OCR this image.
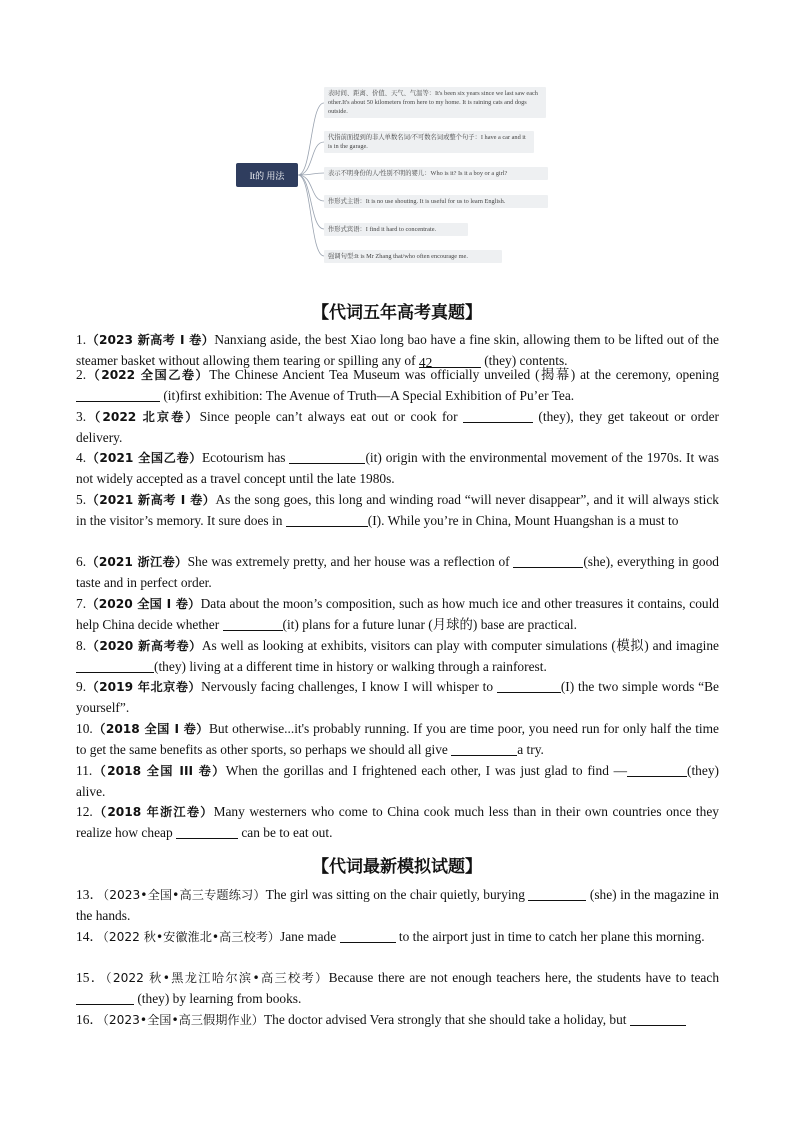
It的 用法
表时间、距离、价值、天气、气温等：It's been six years since we last saw each other.It's about 50 kilometers from here to my home. It is raining cats and dogs outside.
代指前面提到的非人单数名词/不可数名词或整个句子：I have a car and it is in the garage.
表示不明身份的人/性别不明的婴儿：Who is it? Is it a boy or a girl?
作形式主语：It is no use shouting. It is useful for us to learn English.
作形式宾语：I find it hard to concentrate.
强调句型:It is Mr Zhang that/who often encourage me.
【代词五年高考真题】
1.（2023 新高考 I 卷）Nanxiang aside, the best Xiao long bao have a fine skin, allowing them to be lifted out of the steamer basket without allowing them tearing or spilling any of 42	(they) contents.
2.（2022 全国乙卷）The Chinese Ancient Tea Museum was officially unveiled (揭幕) at the ceremony, opening  (it)first exhibition: The Avenue of Truth—A Special Exhibition of Pu’er Tea.
3.（2022 北京卷）Since people can’t always eat out or cook for	(they), they get takeout or order delivery.
4.（2021 全国乙卷）Ecotourism has	(it) origin with the environmental movement of the 1970s. It was not widely accepted as a travel concept until the late 1980s.
5.（2021 新高考 I 卷）As the song goes, this long and winding road “will never disappear”, and it will always stick in the visitor’s memory. It sure does in	(I). While you’re in China, Mount Huangshan is a must to
6.（2021 浙江卷）She was extremely pretty, and her house was a reflection of	(she), everything in good taste and in perfect order.
7.（2020 全国 I 卷）Data about the moon’s composition, such as how much ice and other treasures it contains, could help China decide whether	(it) plans for a future lunar (月球的) base are practical.
8.（2020 新高考卷）As well as looking at exhibits, visitors can play with computer simulations (模拟) and imagine (they) living at a different time in history or walking through a rainforest.
9.（2019 年北京卷）Nervously facing challenges, I know I will whisper to	(I) the two simple words “Be yourself”.
10.（2018 全国 I 卷）But otherwise...it's probably running. If you are time poor, you need run for only half the time to get the same benefits as other sports, so perhaps we should all give	a try.
11.（2018 全国 III 卷）When the gorillas and I frightened each other, I was just glad to find —	(they) alive.
12.（2018 年浙江卷）Many westerners who come to China cook much less than in their own countries once they realize how cheap	can be to eat out.
【代词最新模拟试题】
13．（2023•全国•高三专题练习）The girl was sitting on the chair quietly, burying	(she) in the magazine in the hands.
14．（2022 秋•安徽淮北•高三校考）Jane made	to the airport just in time to catch her plane this morning.
15．（2022 秋•黑龙江哈尔滨•高三校考）Because there are not enough teachers here, the students have to teach (they) by learning from books.
16．（2023•全国•高三假期作业）The doctor advised Vera strongly that she should take a holiday, but
